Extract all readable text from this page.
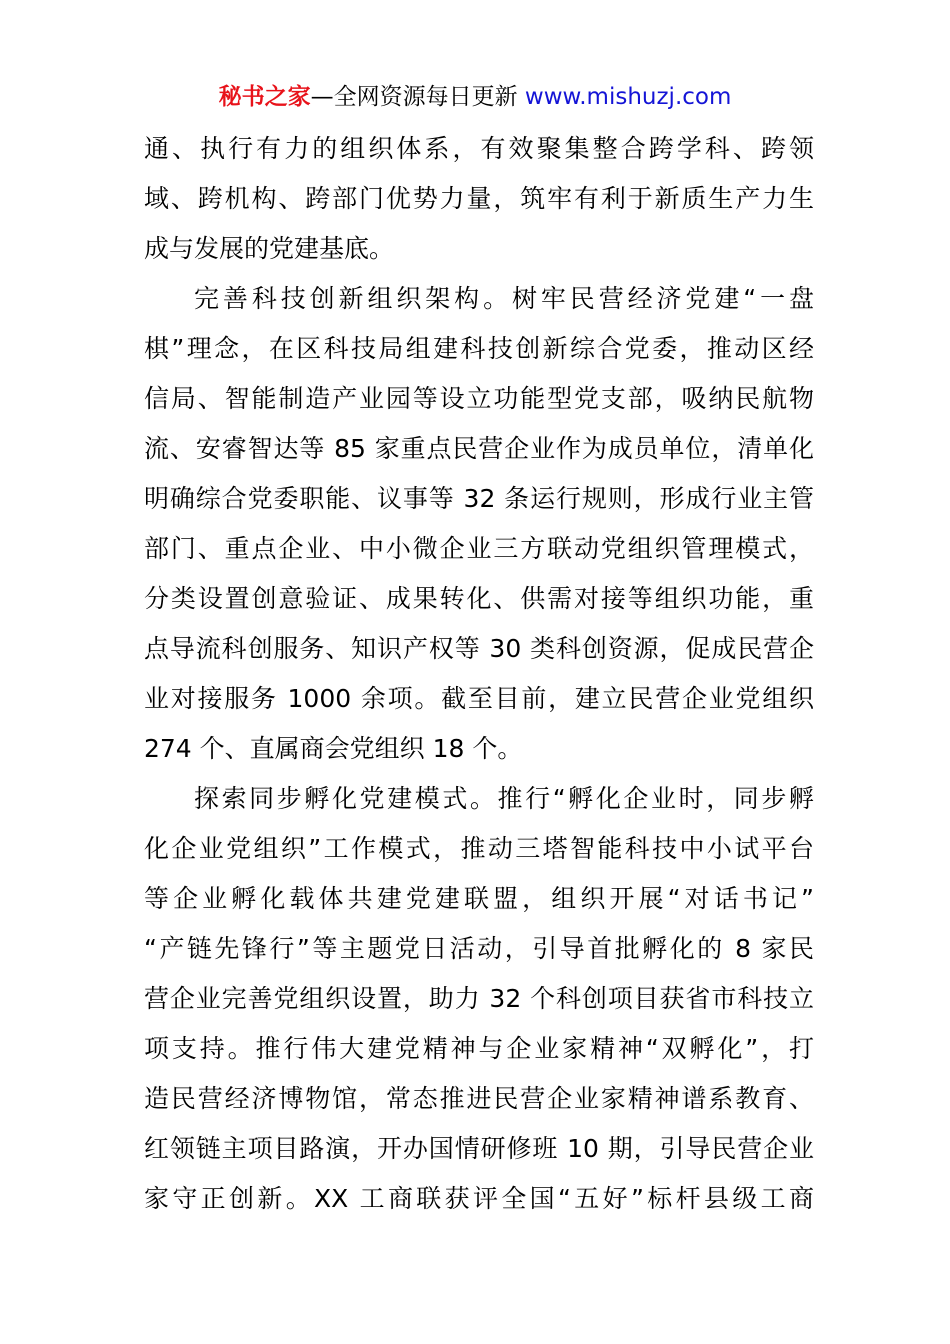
秘书之家—全网资源每日更新 www.mishuzj.com
通、执行有力的组织体系，有效聚集整合跨学科、跨领
域、跨机构、跨部门优势力量，筑牢有利于新质生产力生
成与发展的党建基底。
完善科技创新组织架构。树牢民营经济党建“一盘
棋”理念，在区科技局组建科技创新综合党委，推动区经
信局、智能制造产业园等设立功能型党支部，吸纳民航物
流、安睿智达等 85 家重点民营企业作为成员单位，清单化
明确综合党委职能、议事等 32 条运行规则，形成行业主管
部门、重点企业、中小微企业三方联动党组织管理模式，
分类设置创意验证、成果转化、供需对接等组织功能，重
点导流科创服务、知识产权等 30 类科创资源，促成民营企
业对接服务 1000 余项。截至目前，建立民营企业党组织
274 个、直属商会党组织 18 个。
探索同步孵化党建模式。推行“孵化企业时，同步孵
化企业党组织”工作模式，推动三塔智能科技中小试平台
等企业孵化载体共建党建联盟，组织开展“对话书记”
“产链先锋行”等主题党日活动，引导首批孵化的 8 家民
营企业完善党组织设置，助力 32 个科创项目获省市科技立
项支持。推行伟大建党精神与企业家精神“双孵化”，打
造民营经济博物馆，常态推进民营企业家精神谱系教育、
红领链主项目路演，开办国情研修班 10 期，引导民营企业
家守正创新。XX 工商联获评全国“五好”标杆县级工商
